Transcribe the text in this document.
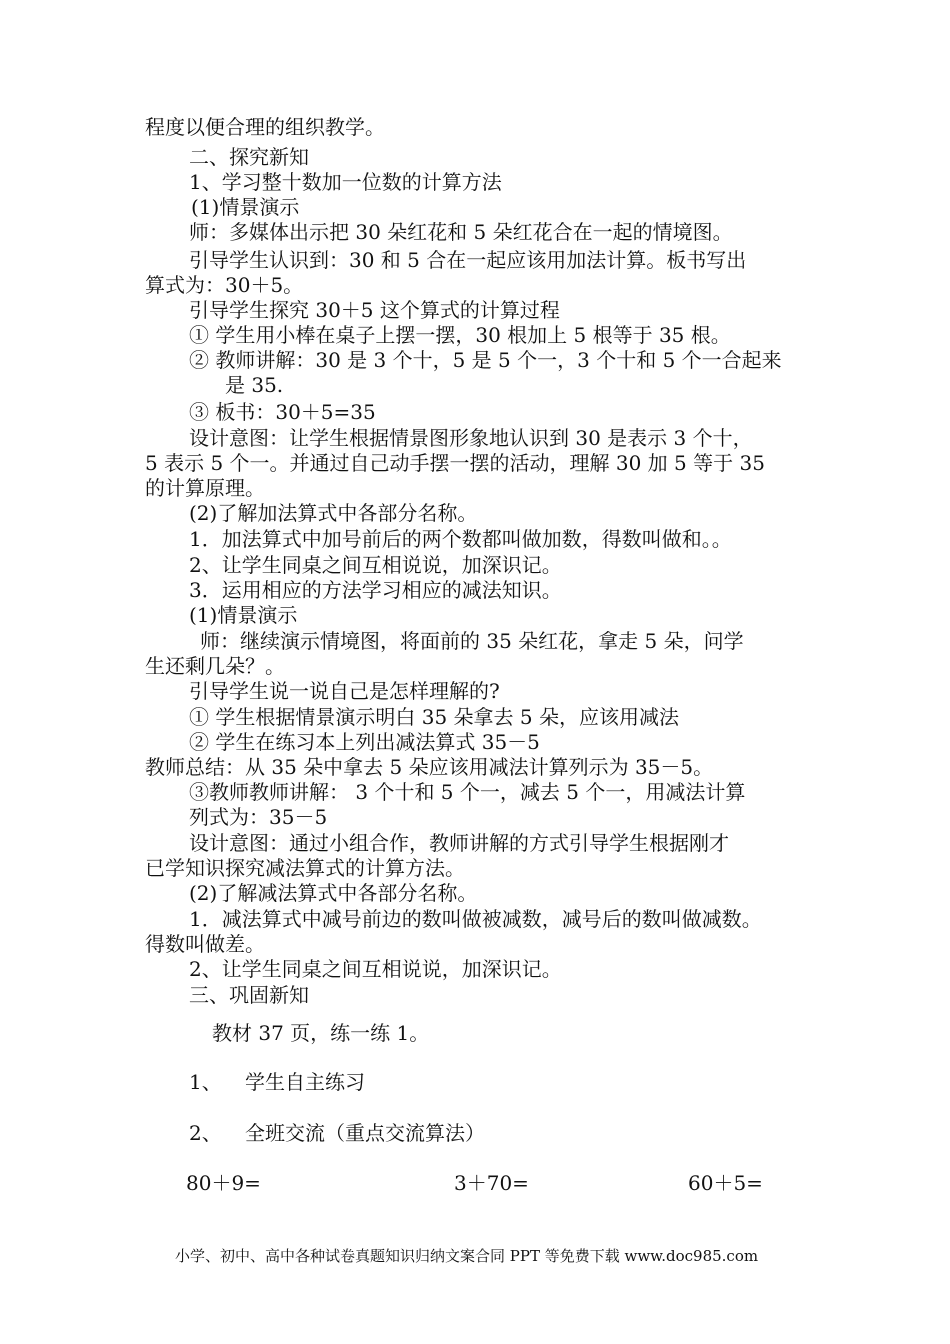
程度以便合理的组织教学。
二、探究新知
1、学习整十数加一位数的计算方法
(1)情景演示
师：多媒体出示把 30 朵红花和 5 朵红花合在一起的情境图。
引导学生认识到：30 和 5 合在一起应该用加法计算。板书写出
算式为：30＋5。
引导学生探究 30＋5 这个算式的计算过程
① 学生用小棒在桌子上摆一摆，30 根加上 5 根等于 35 根。
② 教师讲解：30 是 3 个十，5 是 5 个一，3 个十和 5 个一合起来
是 35.
③ 板书：30＋5=35
设计意图：让学生根据情景图形象地认识到 30 是表示 3 个十，
5 表示 5 个一。并通过自己动手摆一摆的活动，理解 30 加 5 等于 35
的计算原理。
(2)了解加法算式中各部分名称。
1．加法算式中加号前后的两个数都叫做加数，得数叫做和。。
2、让学生同桌之间互相说说，加深识记。
3．运用相应的方法学习相应的减法知识。
(1)情景演示
师：继续演示情境图，将面前的 35 朵红花，拿走 5 朵，问学
生还剩几朵？。
引导学生说一说自己是怎样理解的?
① 学生根据情景演示明白 35 朵拿去 5 朵，应该用减法
② 学生在练习本上列出减法算式 35－5
教师总结：从 35 朵中拿去 5 朵应该用减法计算列示为 35－5。
③教师教师讲解： 3 个十和 5 个一，减去 5 个一，用减法计算
列式为：35－5
设计意图：通过小组合作，教师讲解的方式引导学生根据刚才
已学知识探究减法算式的计算方法。
(2)了解减法算式中各部分名称。
1．减法算式中减号前边的数叫做被减数，减号后的数叫做减数。
得数叫做差。
2、让学生同桌之间互相说说，加深识记。
三、巩固新知
教材 37 页，练一练 1。
1、 学生自主练习
2、 全班交流（重点交流算法）
80＋9=	3＋70=	60＋5=
小学、初中、高中各种试卷真题知识归纳文案合同 PPT 等免费下载 www.doc985.com
